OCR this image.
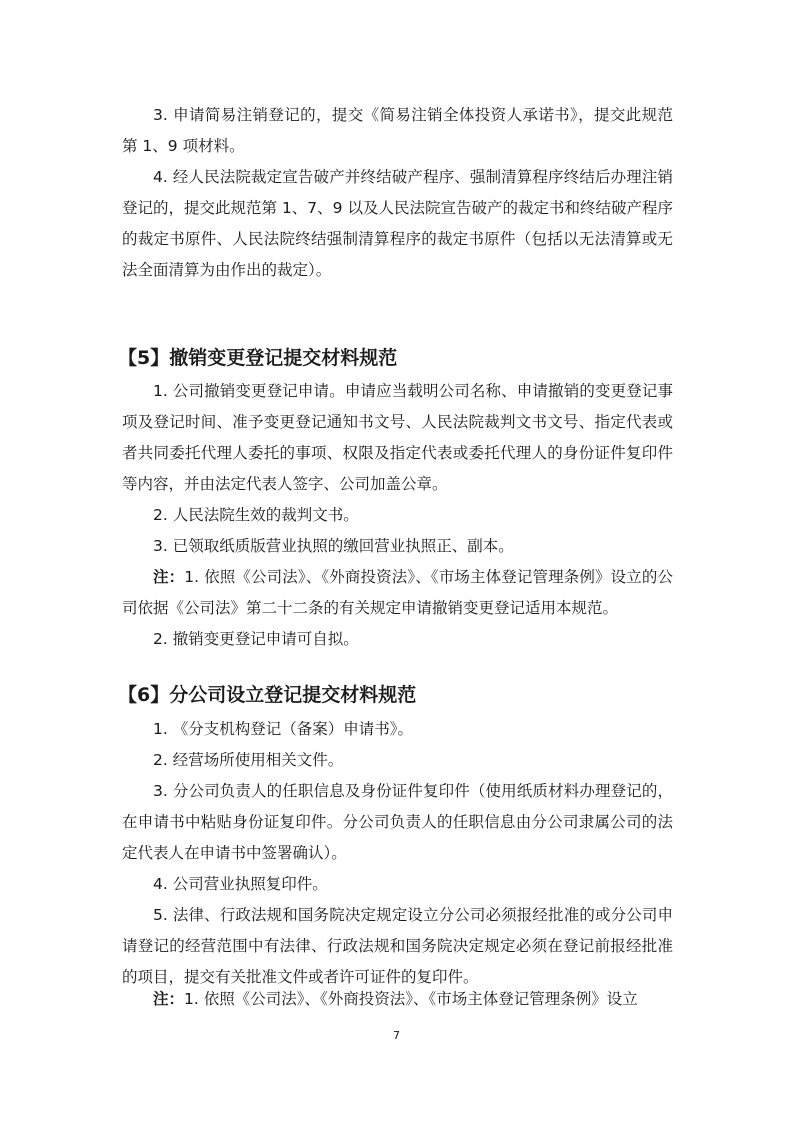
3. 申请简易注销登记的，提交《简易注销全体投资人承诺书》，提交此规范第 1、9 项材料。

4. 经人民法院裁定宣告破产并终结破产程序、强制清算程序终结后办理注销登记的，提交此规范第 1、7、9 以及人民法院宣告破产的裁定书和终结破产程序的裁定书原件、人民法院终结强制清算程序的裁定书原件（包括以无法清算或无法全面清算为由作出的裁定）。

【5】撤销变更登记提交材料规范

1. 公司撤销变更登记申请。申请应当载明公司名称、申请撤销的变更登记事项及登记时间、准予变更登记通知书文号、人民法院裁判文书文号、指定代表或者共同委托代理人委托的事项、权限及指定代表或委托代理人的身份证件复印件等内容，并由法定代表人签字、公司加盖公章。

2. 人民法院生效的裁判文书。

3. 已领取纸质版营业执照的缴回营业执照正、副本。

注：1. 依照《公司法》、《外商投资法》、《市场主体登记管理条例》设立的公司依据《公司法》第二十二条的有关规定申请撤销变更登记适用本规范。

2. 撤销变更登记申请可自拟。

【6】分公司设立登记提交材料规范

1. 《分支机构登记（备案）申请书》。

2. 经营场所使用相关文件。

3. 分公司负责人的任职信息及身份证件复印件（使用纸质材料办理登记的，在申请书中粘贴身份证复印件。分公司负责人的任职信息由分公司隶属公司的法定代表人在申请书中签署确认）。

4. 公司营业执照复印件。

5. 法律、行政法规和国务院决定规定设立分公司必须报经批准的或分公司申请登记的经营范围中有法律、行政法规和国务院决定规定必须在登记前报经批准的项目，提交有关批准文件或者许可证件的复印件。

注：1. 依照《公司法》、《外商投资法》、《市场主体登记管理条例》设立

7
